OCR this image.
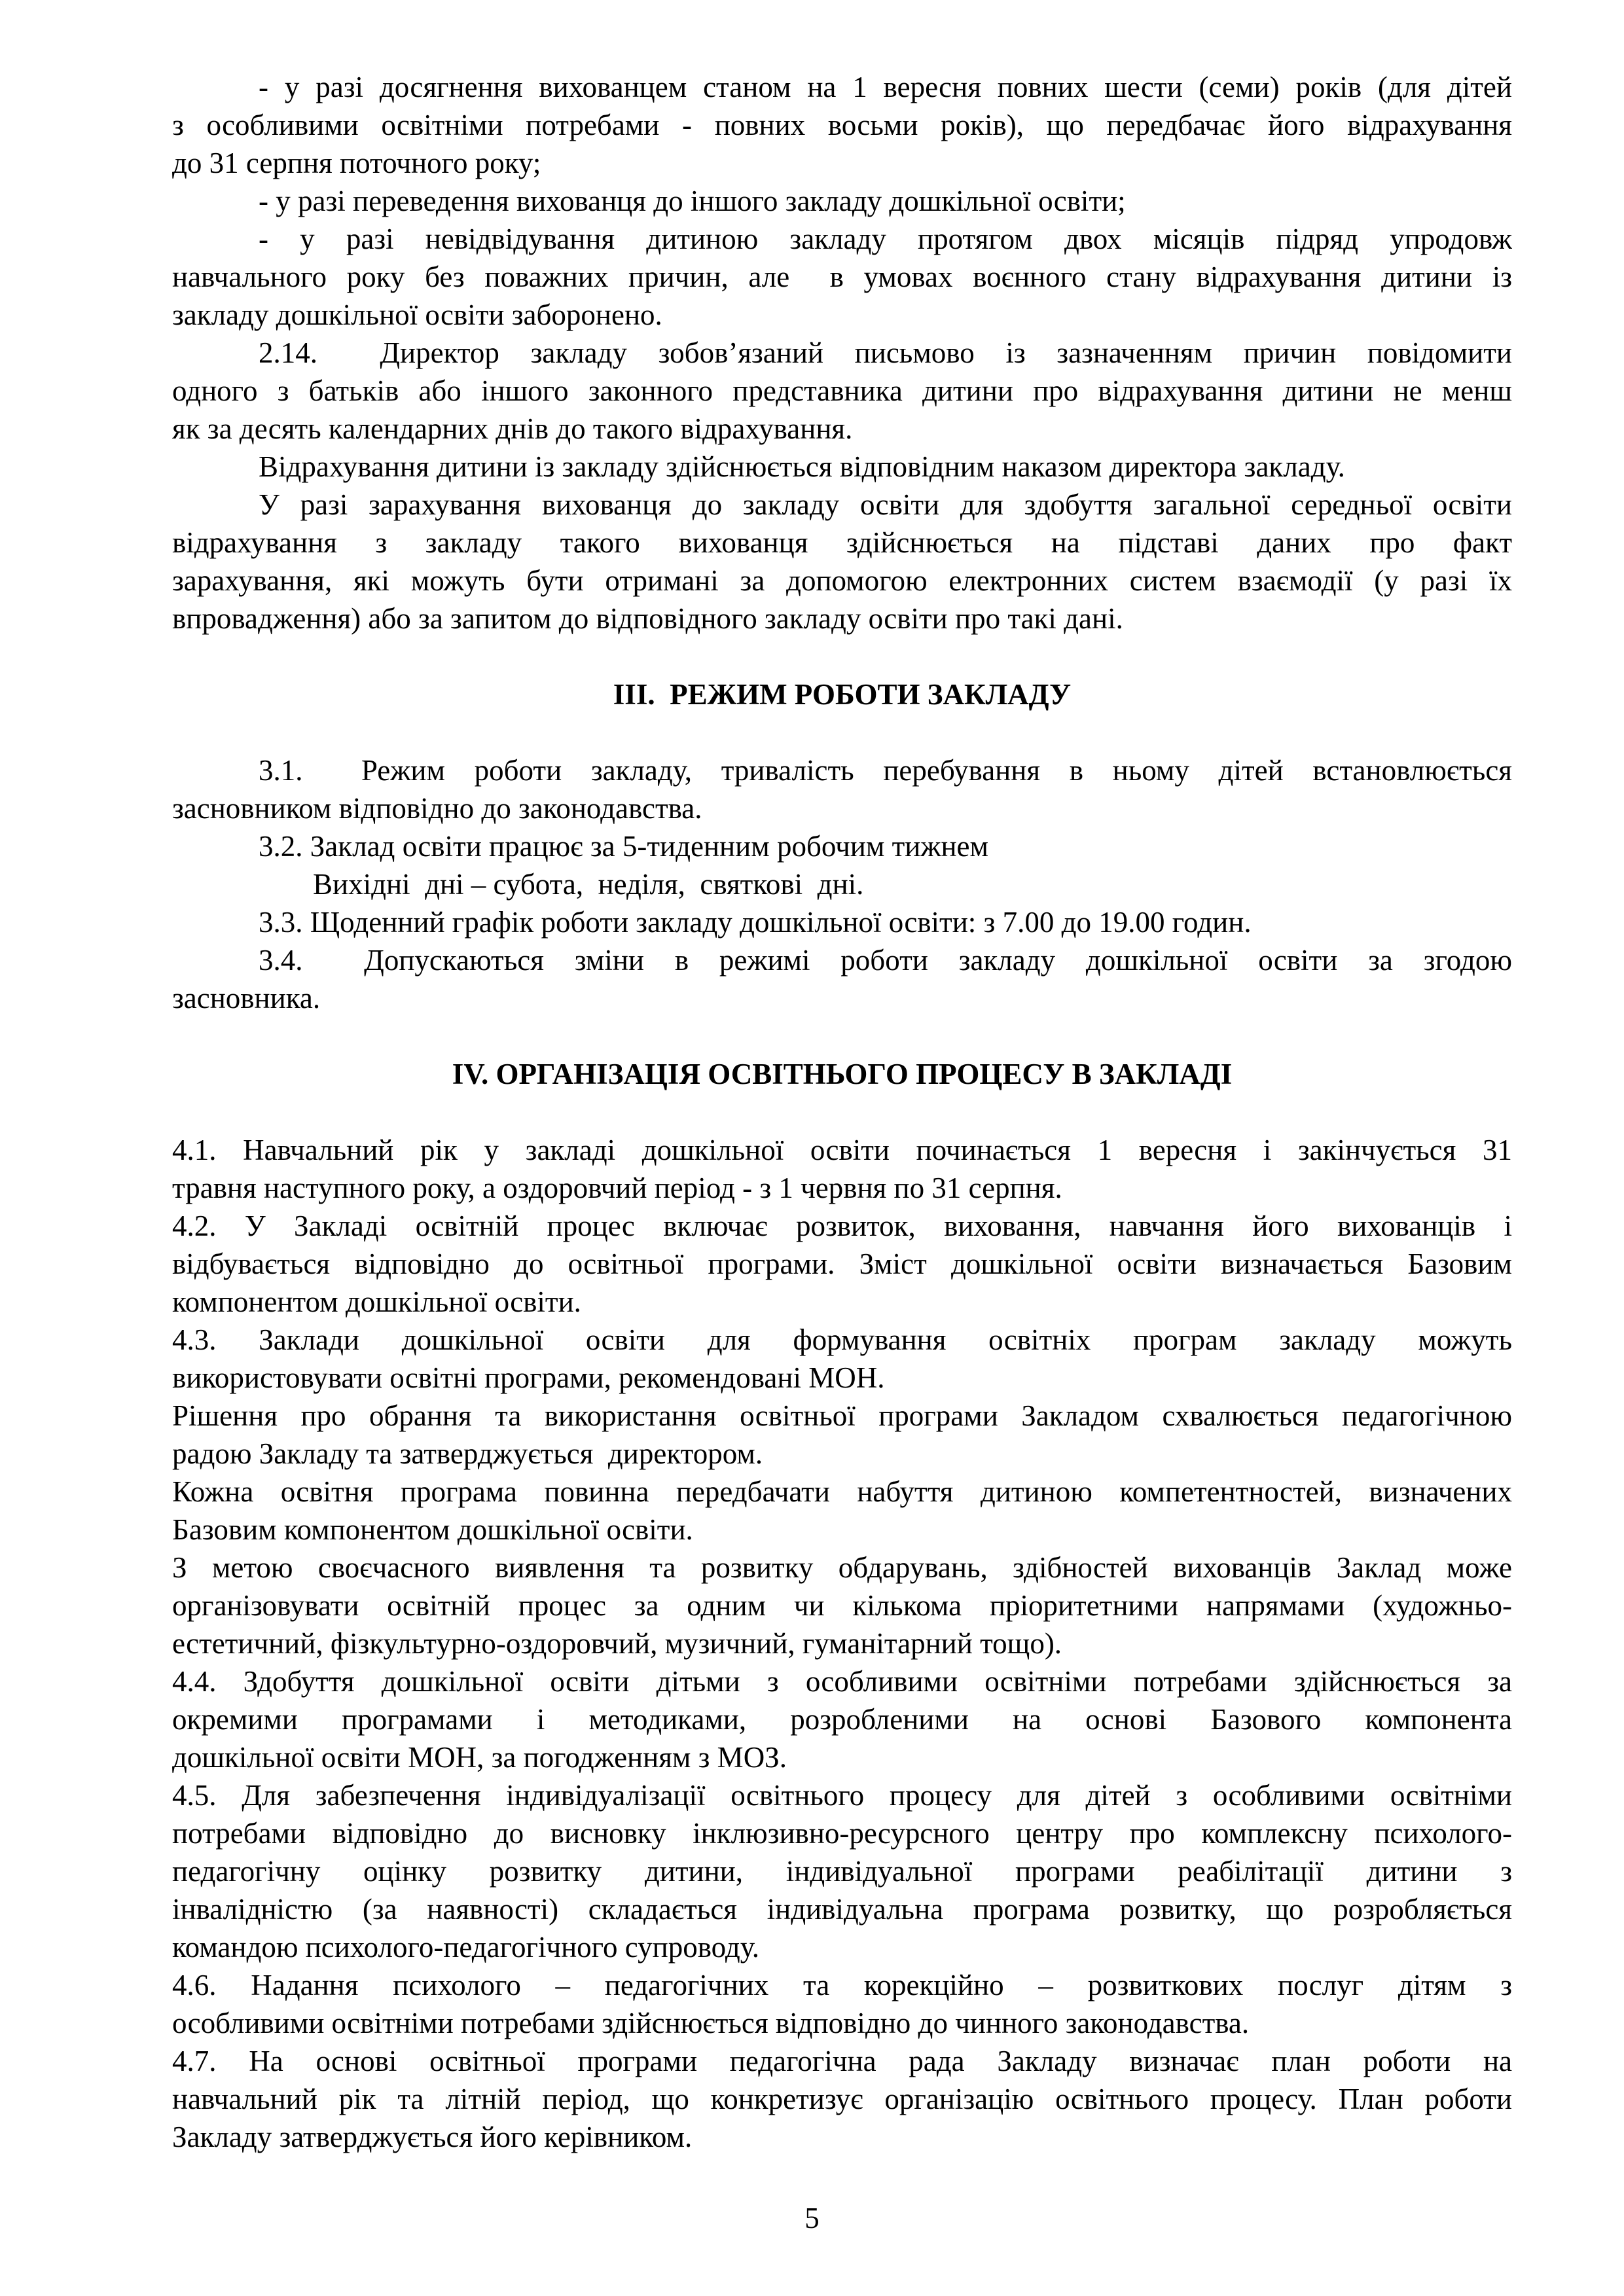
- у разі досягнення вихованцем станом на 1 вересня повних шести (семи) років (для дітей
з особливими освітніми потребами - повних восьми років), що передбачає його відрахування
до 31 серпня поточного року;
- у разі переведення вихованця до іншого закладу дошкільної освіти;
- у разі невідвідування дитиною закладу протягом двох місяців підряд упродовж
навчального року без поважних причин, але  в умовах воєнного стану відрахування дитини із
закладу дошкільної освіти заборонено.
2.14.  Директор закладу зобов’язаний письмово із зазначенням причин повідомити
одного з батьків або іншого законного представника дитини про відрахування дитини не менш
як за десять календарних днів до такого відрахування.
Відрахування дитини із закладу здійснюється відповідним наказом директора закладу.
У разі зарахування вихованця до закладу освіти для здобуття загальної середньої освіти
відрахування з закладу такого вихованця здійснюється на підставі даних про факт
зарахування, які можуть бути отримані за допомогою електронних систем взаємодії (у разі їх
впровадження) або за запитом до відповідного закладу освіти про такі дані.
III.  РЕЖИМ РОБОТИ ЗАКЛАДУ
3.1.  Режим роботи закладу, тривалість перебування в ньому дітей встановлюється
засновником відповідно до законодавства.
3.2. Заклад освіти працює за 5-тиденним робочим тижнем
Вихідні  дні – субота,  неділя,  святкові  дні.
3.3. Щоденний графік роботи закладу дошкільної освіти: з 7.00 до 19.00 годин.
3.4.  Допускаються зміни в режимі роботи закладу дошкільної освіти за згодою
засновника.
IV. ОРГАНІЗАЦІЯ ОСВІТНЬОГО ПРОЦЕСУ В ЗАКЛАДІ
4.1. Навчальний рік у закладі дошкільної освіти починається 1 вересня і закінчується 31
травня наступного року, а оздоровчий період - з 1 червня по 31 серпня.
4.2. У Закладі освітній процес включає розвиток, виховання, навчання його вихованців і
відбувається відповідно до освітньої програми. Зміст дошкільної освіти визначається Базовим
компонентом дошкільної освіти.
4.3. Заклади дошкільної освіти для формування освітніх програм закладу можуть
використовувати освітні програми, рекомендовані МОН.
Рішення про обрання та використання освітньої програми Закладом схвалюється педагогічною
радою Закладу та затверджується  директором.
Кожна освітня програма повинна передбачати набуття дитиною компетентностей, визначених
Базовим компонентом дошкільної освіти.
З метою своєчасного виявлення та розвитку обдарувань, здібностей вихованців Заклад може
організовувати освітній процес за одним чи кількома пріоритетними напрямами (художньо-
естетичний, фізкультурно-оздоровчий, музичний, гуманітарний тощо).
4.4. Здобуття дошкільної освіти дітьми з особливими освітніми потребами здійснюється за
окремими програмами і методиками, розробленими на основі Базового компонента
дошкільної освіти МОН, за погодженням з МОЗ.
4.5. Для забезпечення індивідуалізації освітнього процесу для дітей з особливими освітніми
потребами відповідно до висновку інклюзивно-ресурсного центру про комплексну психолого-
педагогічну оцінку розвитку дитини, індивідуальної програми реабілітації дитини з
інвалідністю (за наявності) складається індивідуальна програма розвитку, що розробляється
командою психолого-педагогічного супроводу.
4.6. Надання психолого – педагогічних та корекційно – розвиткових послуг дітям з
особливими освітніми потребами здійснюється відповідно до чинного законодавства.
4.7. На основі освітньої програми педагогічна рада Закладу визначає план роботи на
навчальний рік та літній період, що конкретизує організацію освітнього процесу. План роботи
Закладу затверджується його керівником.
5
